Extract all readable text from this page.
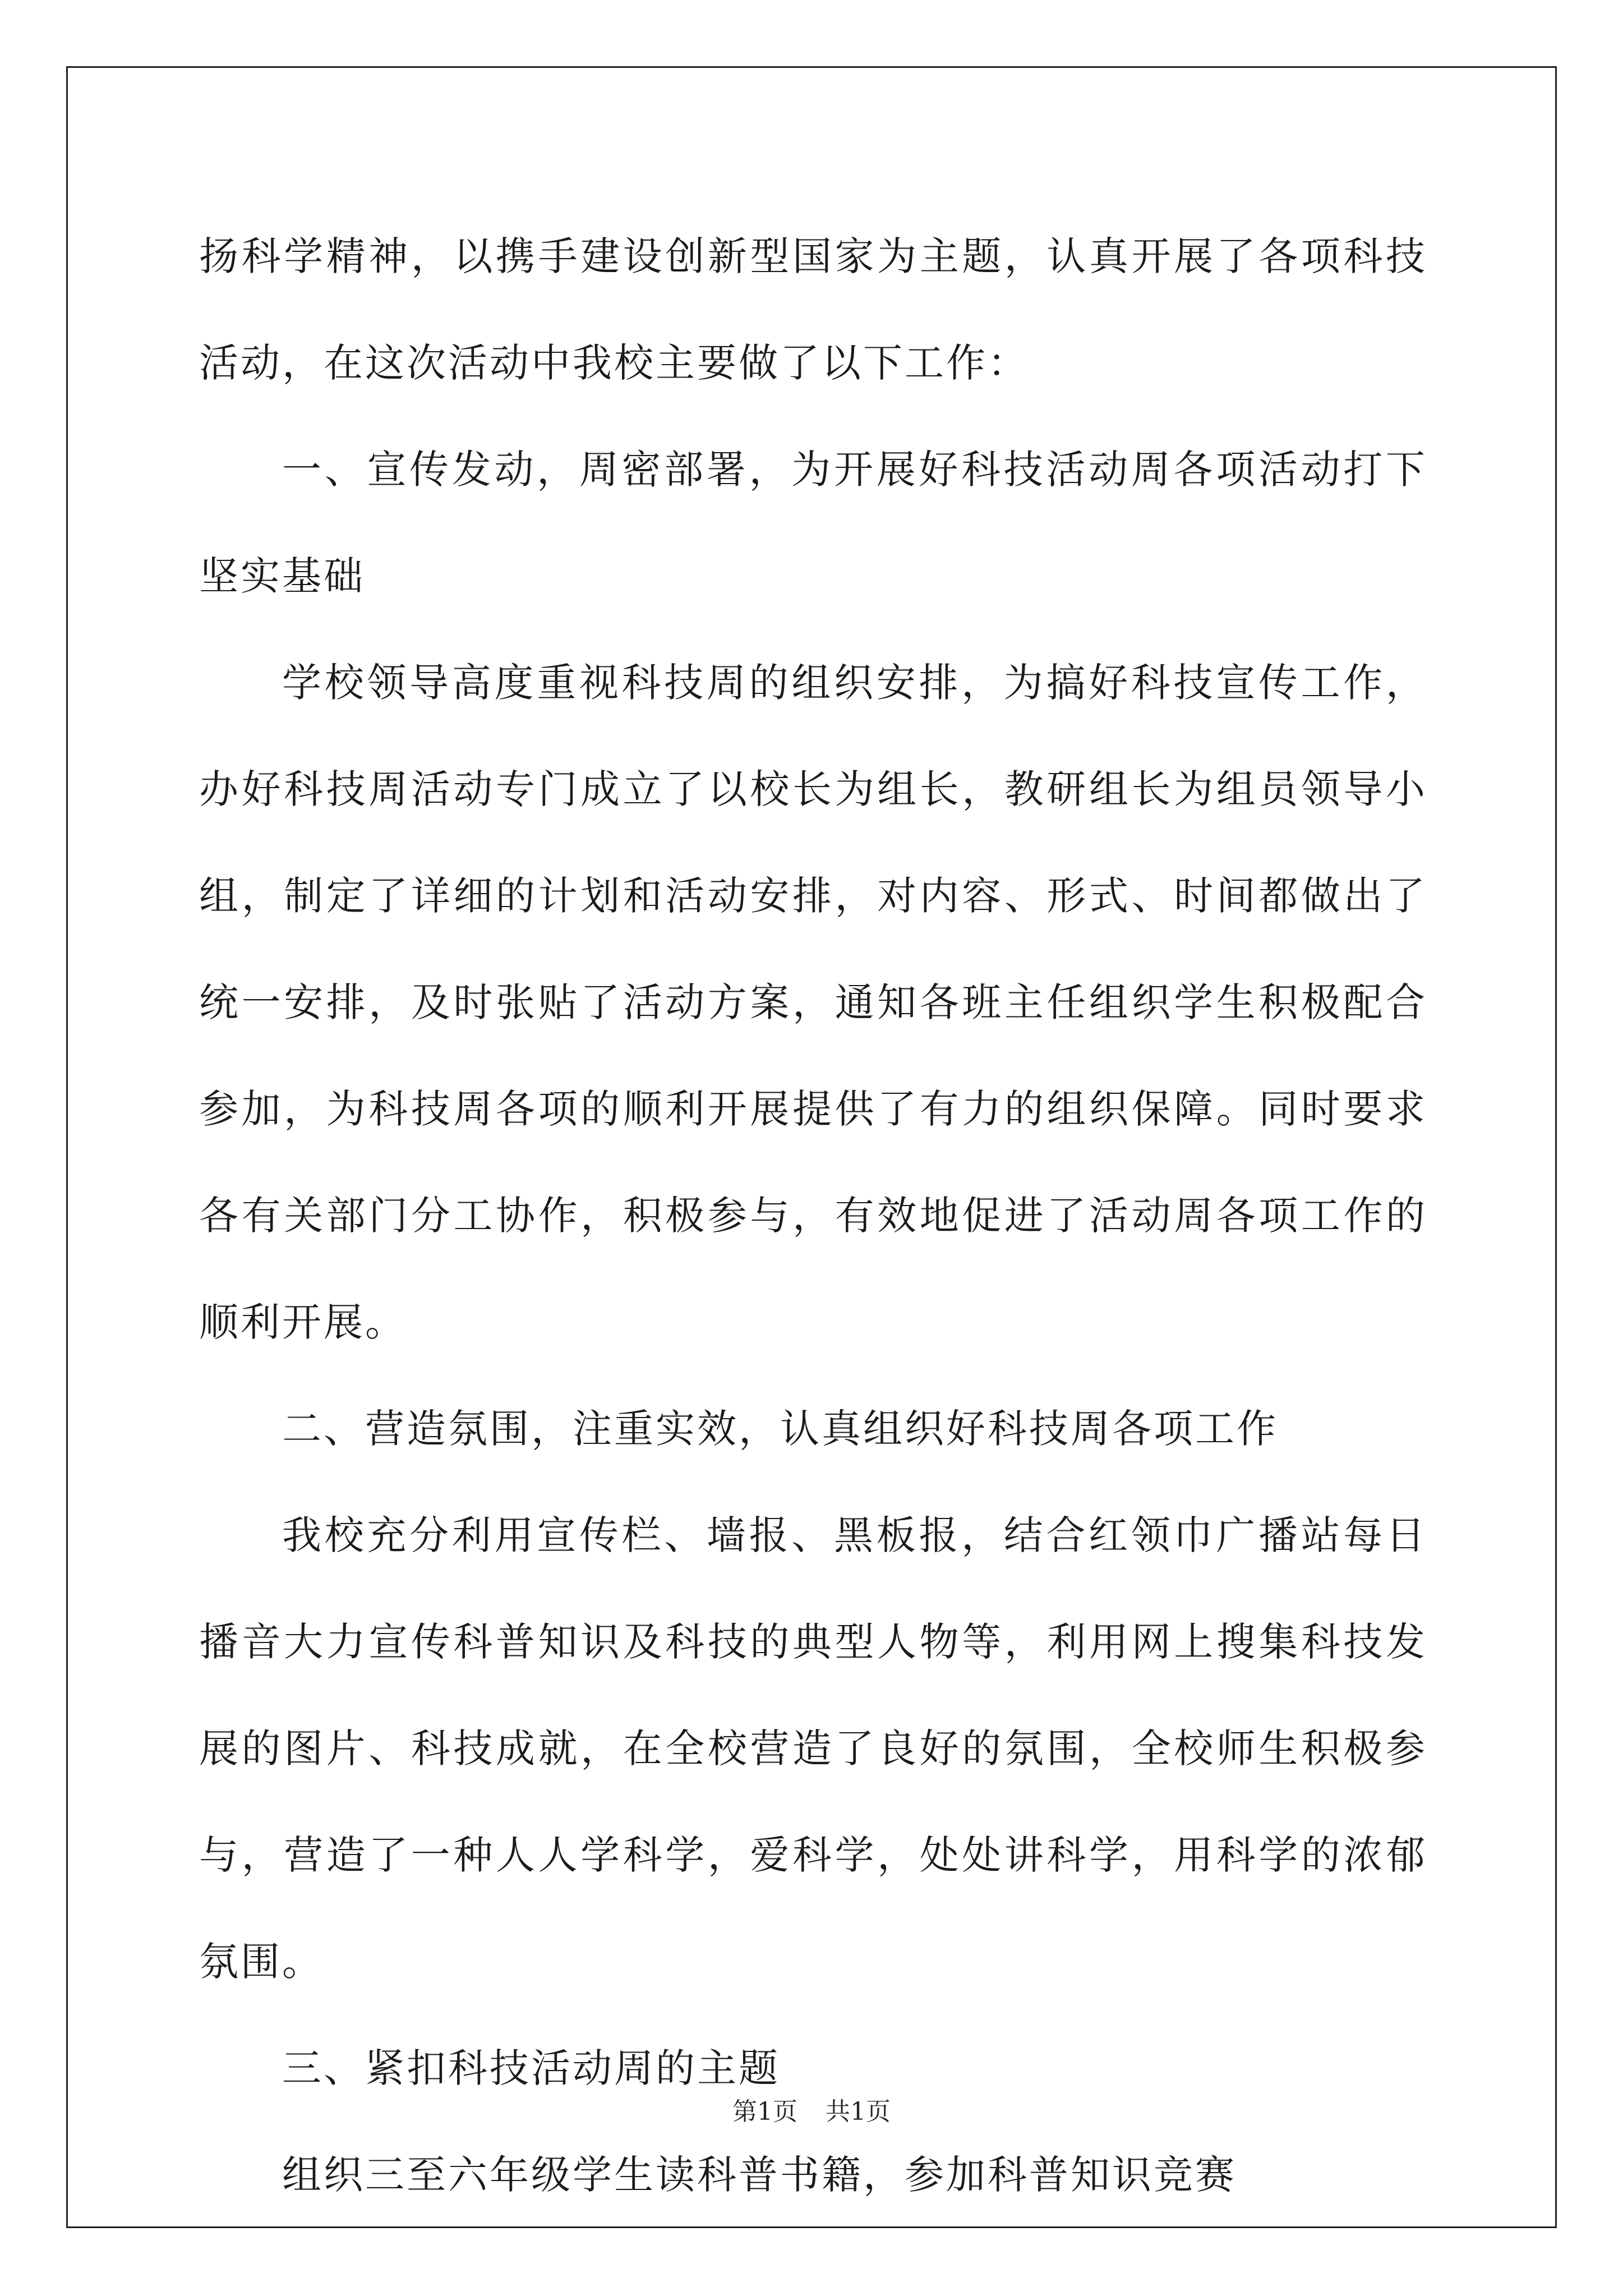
扬科学精神，以携手建设创新型国家为主题，认真开展了各项科技活动，在这次活动中我校主要做了以下工作：

一、宣传发动，周密部署，为开展好科技活动周各项活动打下坚实基础

学校领导高度重视科技周的组织安排，为搞好科技宣传工作，办好科技周活动专门成立了以校长为组长，教研组长为组员领导小组，制定了详细的计划和活动安排，对内容、形式、时间都做出了统一安排，及时张贴了活动方案，通知各班主任组织学生积极配合参加，为科技周各项的顺利开展提供了有力的组织保障。同时要求各有关部门分工协作，积极参与，有效地促进了活动周各项工作的顺利开展。

二、营造氛围，注重实效，认真组织好科技周各项工作

我校充分利用宣传栏、墙报、黑板报，结合红领巾广播站每日播音大力宣传科普知识及科技的典型人物等，利用网上搜集科技发展的图片、科技成就，在全校营造了良好的氛围，全校师生积极参与，营造了一种人人学科学，爱科学，处处讲科学，用科学的浓郁氛围。

三、紧扣科技活动周的主题

组织三至六年级学生读科普书籍，参加科普知识竞赛

第1页 共1页
